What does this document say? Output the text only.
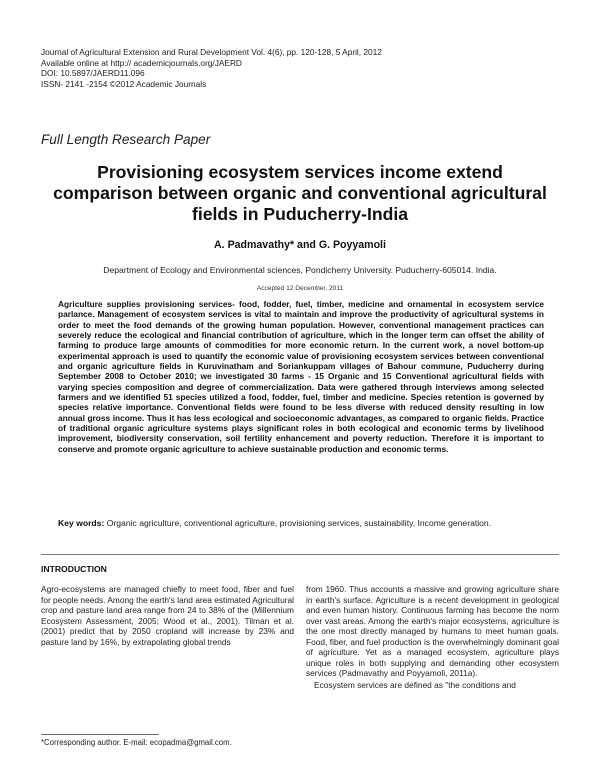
Journal of Agricultural Extension and Rural Development Vol. 4(6), pp. 120-128, 5 April, 2012
Available online at http:// academicjournals.org/JAERD
DOI: 10.5897/JAERD11.096
ISSN- 2141 -2154 ©2012 Academic Journals
Full Length Research Paper
Provisioning ecosystem services income extend comparison between organic and conventional agricultural fields in Puducherry-India
A. Padmavathy* and G. Poyyamoli
Department of Ecology and Environmental sciences, Pondicherry University. Puducherry-605014. India.
Accepted 12 December, 2011
Agriculture supplies provisioning services- food, fodder, fuel, timber, medicine and ornamental in ecosystem service parlance. Management of ecosystem services is vital to maintain and improve the productivity of agricultural systems in order to meet the food demands of the growing human population. However, conventional management practices can severely reduce the ecological and financial contribution of agriculture, which in the longer term can offset the ability of farming to produce large amounts of commodities for more economic return. In the current work, a novel bottom-up experimental approach is used to quantify the economic value of provisioning ecosystem services between conventional and organic agriculture fields in Kuruvinatham and Soriankuppam villages of Bahour commune, Puducherry during September 2008 to October 2010; we investigated 30 farms - 15 Organic and 15 Conventional agricultural fields with varying species composition and degree of commercialization. Data were gathered through interviews among selected farmers and we identified 51 species utilized a food, fodder, fuel, timber and medicine. Species retention is governed by species relative importance. Conventional fields were found to be less diverse with reduced density resulting in low annual gross income. Thus it has less ecological and socioeconomic advantages, as compared to organic fields. Practice of traditional organic agriculture systems plays significant roles in both ecological and economic terms by livelihood improvement, biodiversity conservation, soil fertility enhancement and poverty reduction. Therefore it is important to conserve and promote organic agriculture to achieve sustainable production and economic terms.
Key words: Organic agriculture, conventional agriculture, provisioning services, sustainability, Income generation.
INTRODUCTION
Agro-ecosystems are managed chiefly to meet food, fiber and fuel for people needs. Among the earth's land area estimated Agricultural crop and pasture land area range from 24 to 38% of the (Millennium Ecosystem Assessment, 2005; Wood et al., 2001). Tilman et al. (2001) predict that by 2050 cropland will increase by 23% and pasture land by 16%, by extrapolating global trends
from 1960. Thus accounts a massive and growing agriculture share in earth's surface. Agriculture is a recent development in geological and even human history. Continuous farming has become the norm over vast areas. Among the earth's major ecosystems, agriculture is the one most directly managed by humans to meet human goals. Food, fiber, and fuel production is the overwhelmingly dominant goal of agriculture. Yet as a managed ecosystem, agriculture plays unique roles in both supplying and demanding other ecosystem services (Padmavathy and Poyyamoli, 2011a).
Ecosystem services are defined as "the conditions and
*Corresponding author. E-mail: ecopadma@gmail.com.
